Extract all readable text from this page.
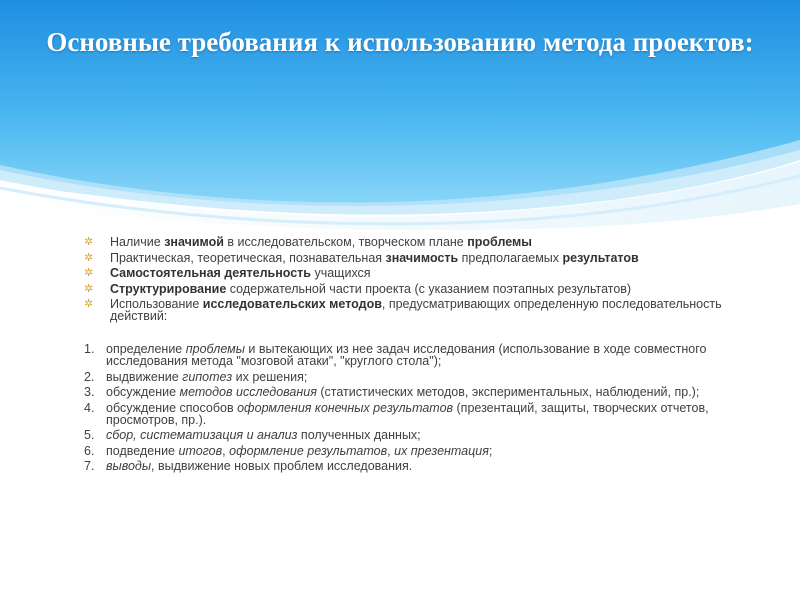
Основные требования к использованию метода проектов:
✲ Наличие значимой в исследовательском, творческом плане проблемы
✲ Практическая, теоретическая, познавательная значимость предполагаемых результатов
✲ Самостоятельная деятельность учащихся
✲ Структурирование содержательной части проекта (с указанием поэтапных результатов)
✲ Использование исследовательских методов, предусматривающих определенную последовательность действий:
1. определение проблемы и вытекающих из нее задач исследования (использование в ходе совместного исследования метода "мозговой атаки", "круглого стола");
2. выдвижение гипотез их решения;
3. обсуждение методов исследования (статистических методов, экспериментальных, наблюдений, пр.);
4. обсуждение способов оформления конечных результатов (презентаций, защиты, творческих отчетов, просмотров, пр.).
5. сбор, систематизация и анализ полученных данных;
6. подведение итогов, оформление результатов, их презентация;
7. выводы, выдвижение новых проблем исследования.
